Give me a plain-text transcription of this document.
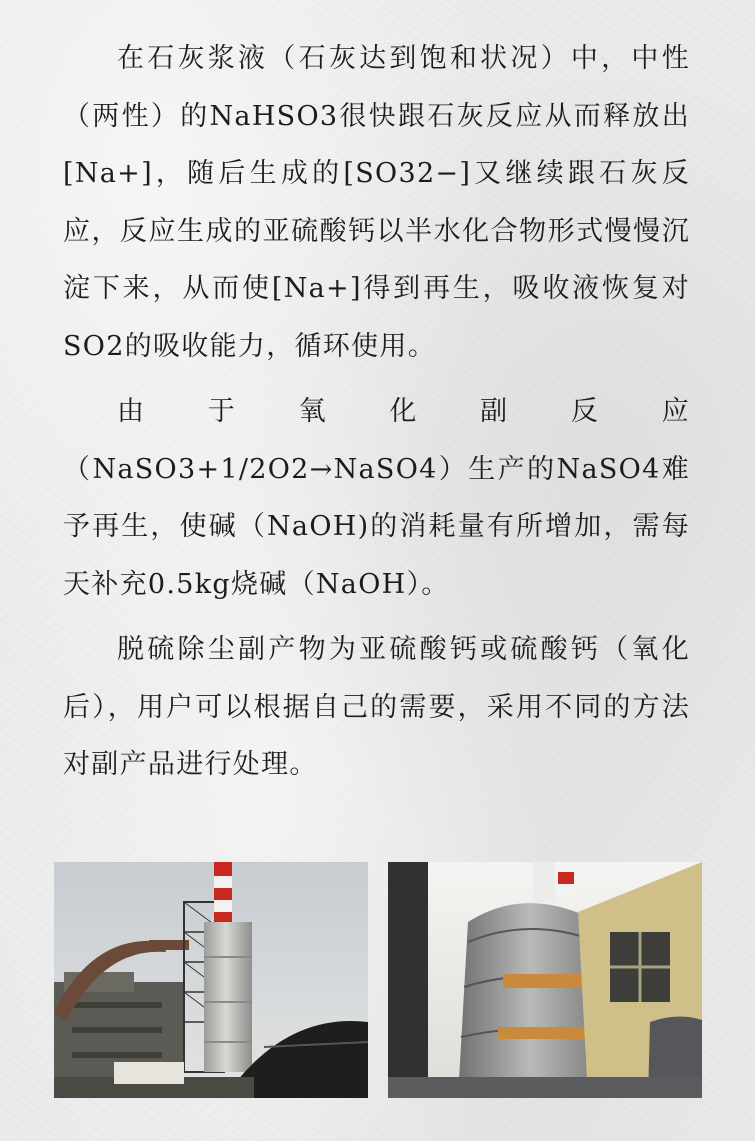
在石灰浆液（石灰达到饱和状况）中，中性（两性）的NaHSO3很快跟石灰反应从而释放出[Na+]，随后生成的[SO32−]又继续跟石灰反应，反应生成的亚硫酸钙以半水化合物形式慢慢沉淀下来，从而使[Na+]得到再生，吸收液恢复对SO2的吸收能力，循环使用。

由于氧化副反应（NaSO3+1/2O2→NaSO4）生产的NaSO4难予再生，使碱（NaOH)的消耗量有所增加，需每天补充0.5kg烧碱（NaOH）。

脱硫除尘副产物为亚硫酸钙或硫酸钙（氧化后），用户可以根据自己的需要，采用不同的方法对副产品进行处理。
